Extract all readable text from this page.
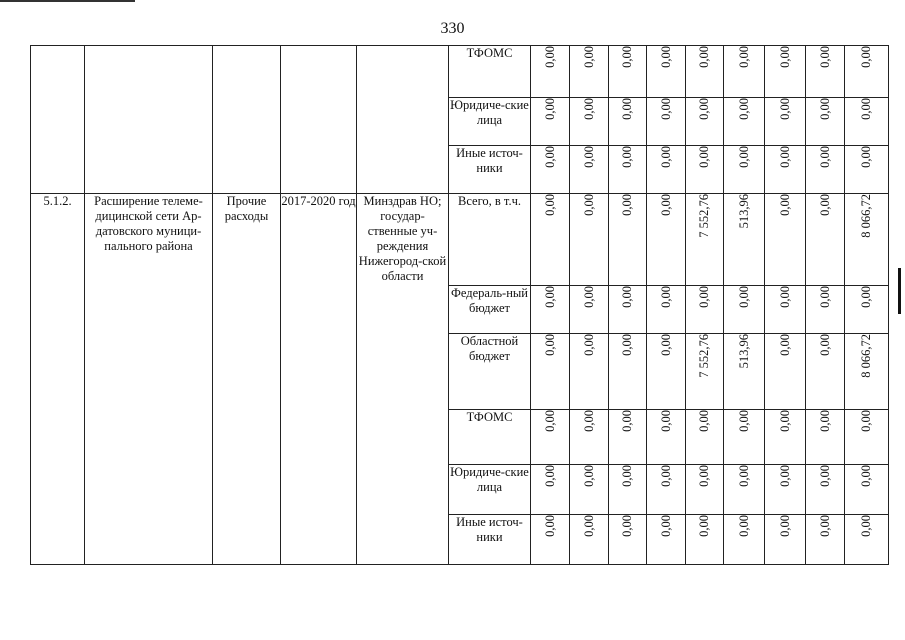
330
					ТФОМС	0,00	0,00	0,00	0,00	0,00	0,00	0,00	0,00	0,00
					Юридиче-ские лица	0,00	0,00	0,00	0,00	0,00	0,00	0,00	0,00	0,00
					Иные источ-ники	0,00	0,00	0,00	0,00	0,00	0,00	0,00	0,00	0,00
5.1.2.	Расширение телеме-дицинской сети Ар-датовского муници-пального района	Прочие расходы	2017-2020 год	Минздрав НО; государ-ственные уч-реждения Нижегород-ской области	Всего, в т.ч.	0,00	0,00	0,00	0,00	7 552,76	513,96	0,00	0,00	8 066,72
					Федераль-ный бюджет	0,00	0,00	0,00	0,00	0,00	0,00	0,00	0,00	0,00
					Областной бюджет	0,00	0,00	0,00	0,00	7 552,76	513,96	0,00	0,00	8 066,72
					ТФОМС	0,00	0,00	0,00	0,00	0,00	0,00	0,00	0,00	0,00
					Юридиче-ские лица	0,00	0,00	0,00	0,00	0,00	0,00	0,00	0,00	0,00
					Иные источ-ники	0,00	0,00	0,00	0,00	0,00	0,00	0,00	0,00	0,00
